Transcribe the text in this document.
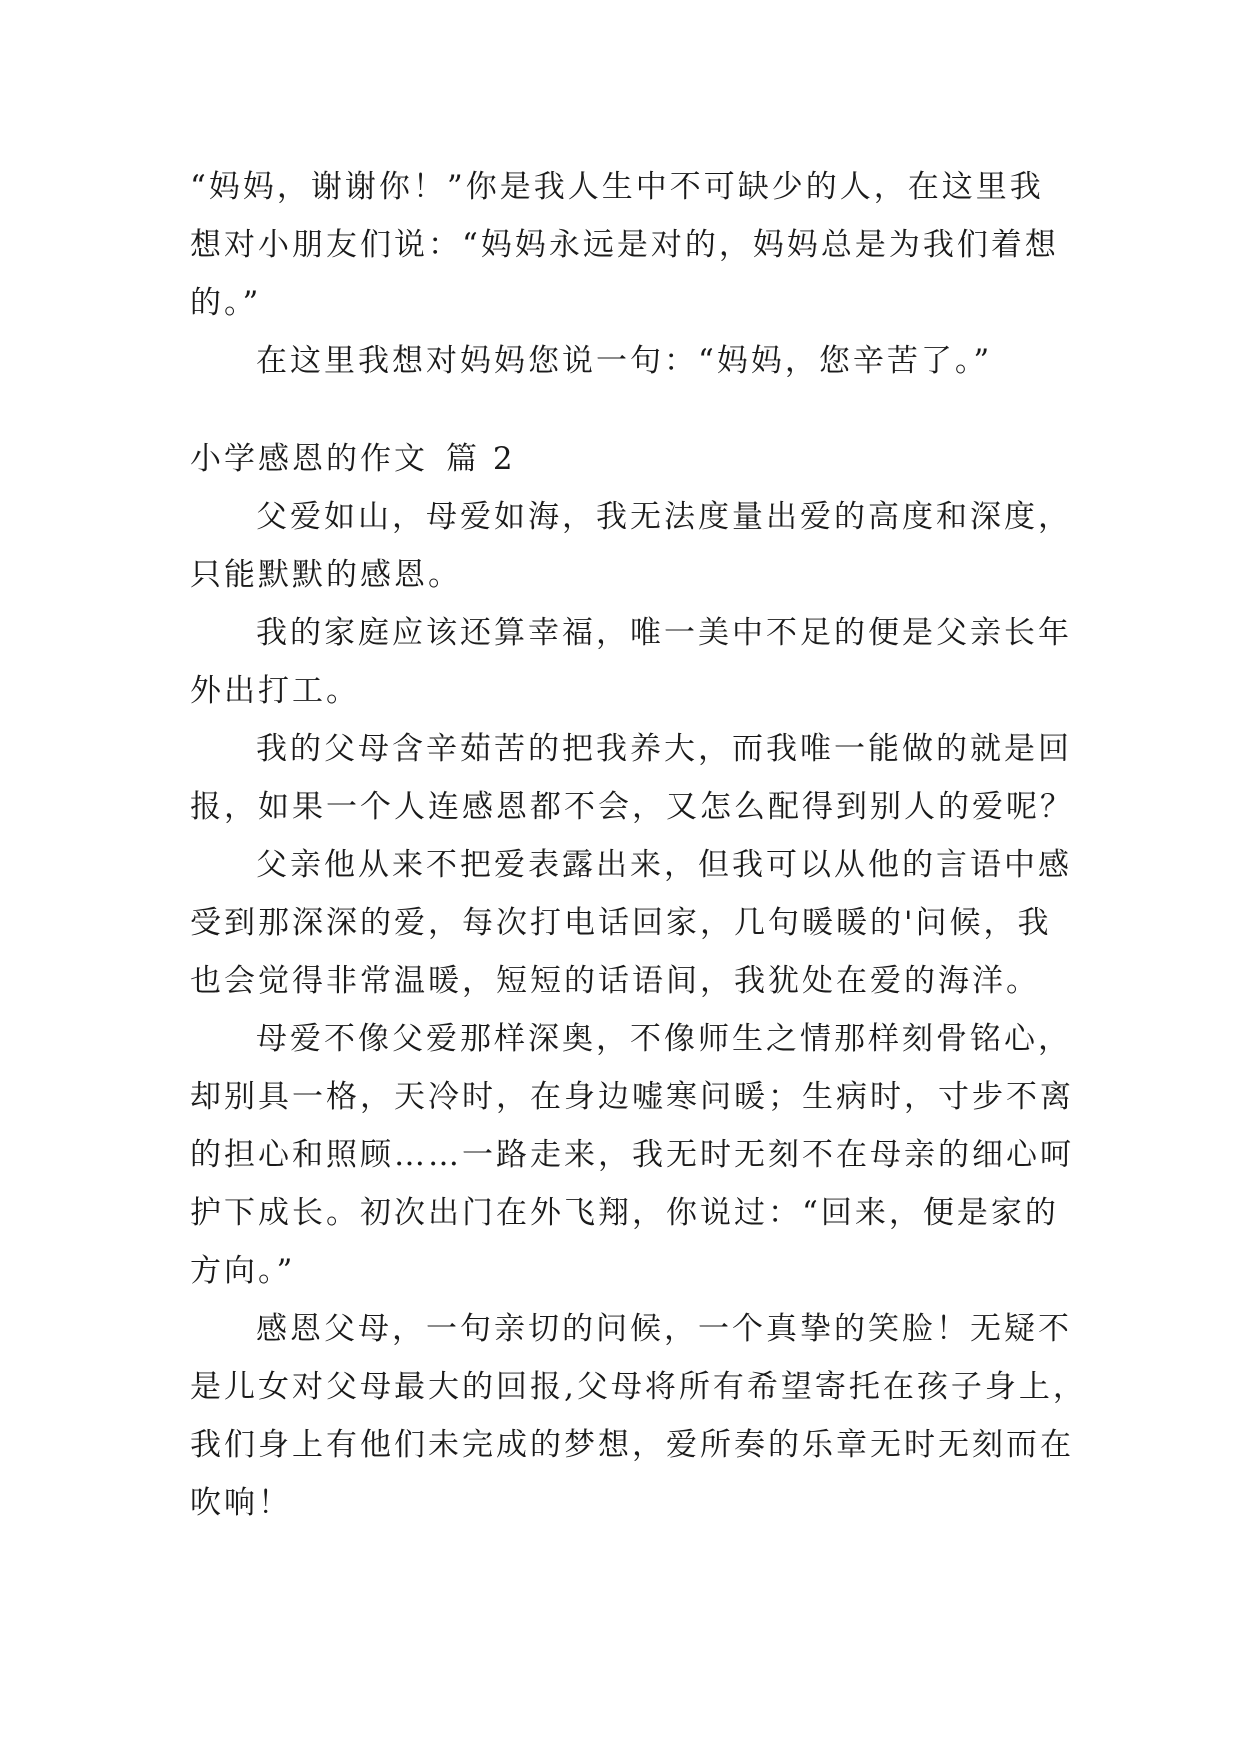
“妈妈，谢谢你！”你是我人生中不可缺少的人，在这里我
想对小朋友们说：“妈妈永远是对的，妈妈总是为我们着想
的。”
在这里我想对妈妈您说一句：“妈妈，您辛苦了。”
小学感恩的作文 篇 2
父爱如山，母爱如海，我无法度量出爱的高度和深度，
只能默默的感恩。
我的家庭应该还算幸福，唯一美中不足的便是父亲长年
外出打工。
我的父母含辛茹苦的把我养大，而我唯一能做的就是回
报，如果一个人连感恩都不会，又怎么配得到别人的爱呢？
父亲他从来不把爱表露出来，但我可以从他的言语中感
受到那深深的爱，每次打电话回家，几句暖暖的'问候，我
也会觉得非常温暖，短短的话语间，我犹处在爱的海洋。
母爱不像父爱那样深奥，不像师生之情那样刻骨铭心，
却别具一格，天冷时，在身边嘘寒问暖；生病时，寸步不离
的担心和照顾……一路走来，我无时无刻不在母亲的细心呵
护下成长。初次出门在外飞翔，你说过：“回来，便是家的
方向。”
感恩父母，一句亲切的问候，一个真挚的笑脸！无疑不
是儿女对父母最大的回报,父母将所有希望寄托在孩子身上，
我们身上有他们未完成的梦想，爱所奏的乐章无时无刻而在
吹响！
